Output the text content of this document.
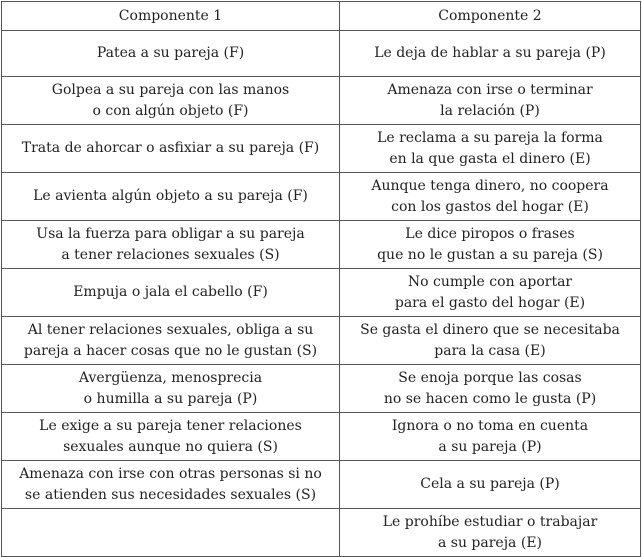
Componente 1	Componente 2

Patea a su pareja (F)	Le deja de hablar a su pareja (P)

Golpea a su pareja con las manos
o con algún objeto (F)	Amenaza con irse o terminar
la relación (P)

Trata de ahorcar o asfixiar a su pareja (F)	Le reclama a su pareja la forma
en la que gasta el dinero (E)

Le avienta algún objeto a su pareja (F)	Aunque tenga dinero, no coopera
con los gastos del hogar (E)

Usa la fuerza para obligar a su pareja
a tener relaciones sexuales (S)	Le dice piropos o frases
que no le gustan a su pareja (S)

Empuja o jala el cabello (F)	No cumple con aportar
para el gasto del hogar (E)

Al tener relaciones sexuales, obliga a su
pareja a hacer cosas que no le gustan (S)	Se gasta el dinero que se necesitaba
para la casa (E)

Avergüenza, menosprecia
o humilla a su pareja (P)	Se enoja porque las cosas
no se hacen como le gusta (P)

Le exige a su pareja tener relaciones
sexuales aunque no quiera (S)	Ignora o no toma en cuenta
a su pareja (P)

Amenaza con irse con otras personas si no
se atienden sus necesidades sexuales (S)	Cela a su pareja (P)

	Le prohíbe estudiar o trabajar
a su pareja (E)
